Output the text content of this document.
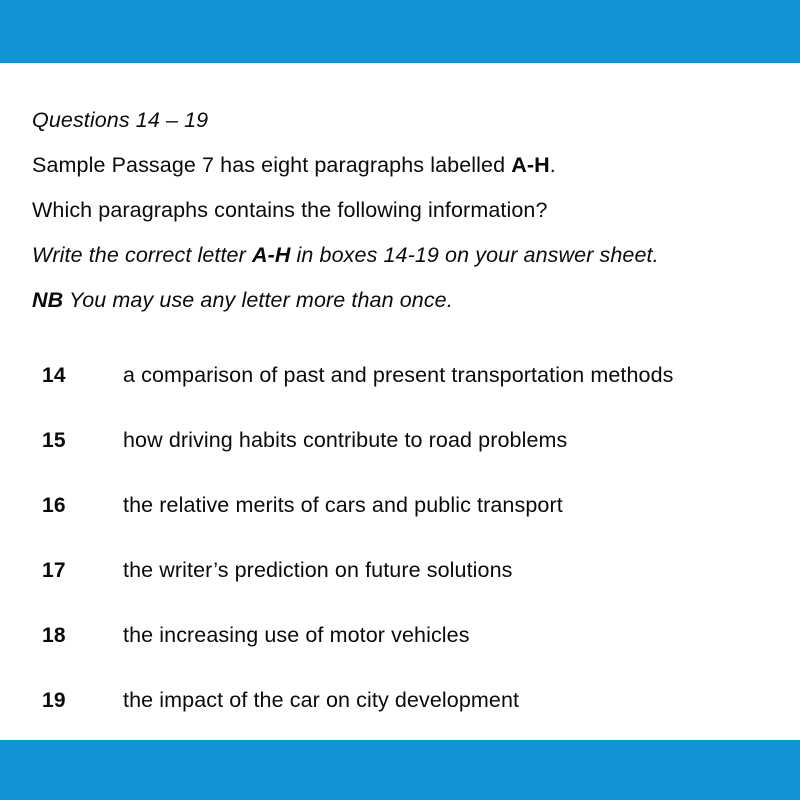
Questions 14 – 19
Sample Passage 7 has eight paragraphs labelled A-H.
Which paragraphs contains the following information?
Write the correct letter A-H in boxes 14-19 on your answer sheet.
NB You may use any letter more than once.
14	a comparison of past and present transportation methods
15	how driving habits contribute to road problems
16	the relative merits of cars and public transport
17	the writer’s prediction on future solutions
18	the increasing use of motor vehicles
19	the impact of the car on city development
